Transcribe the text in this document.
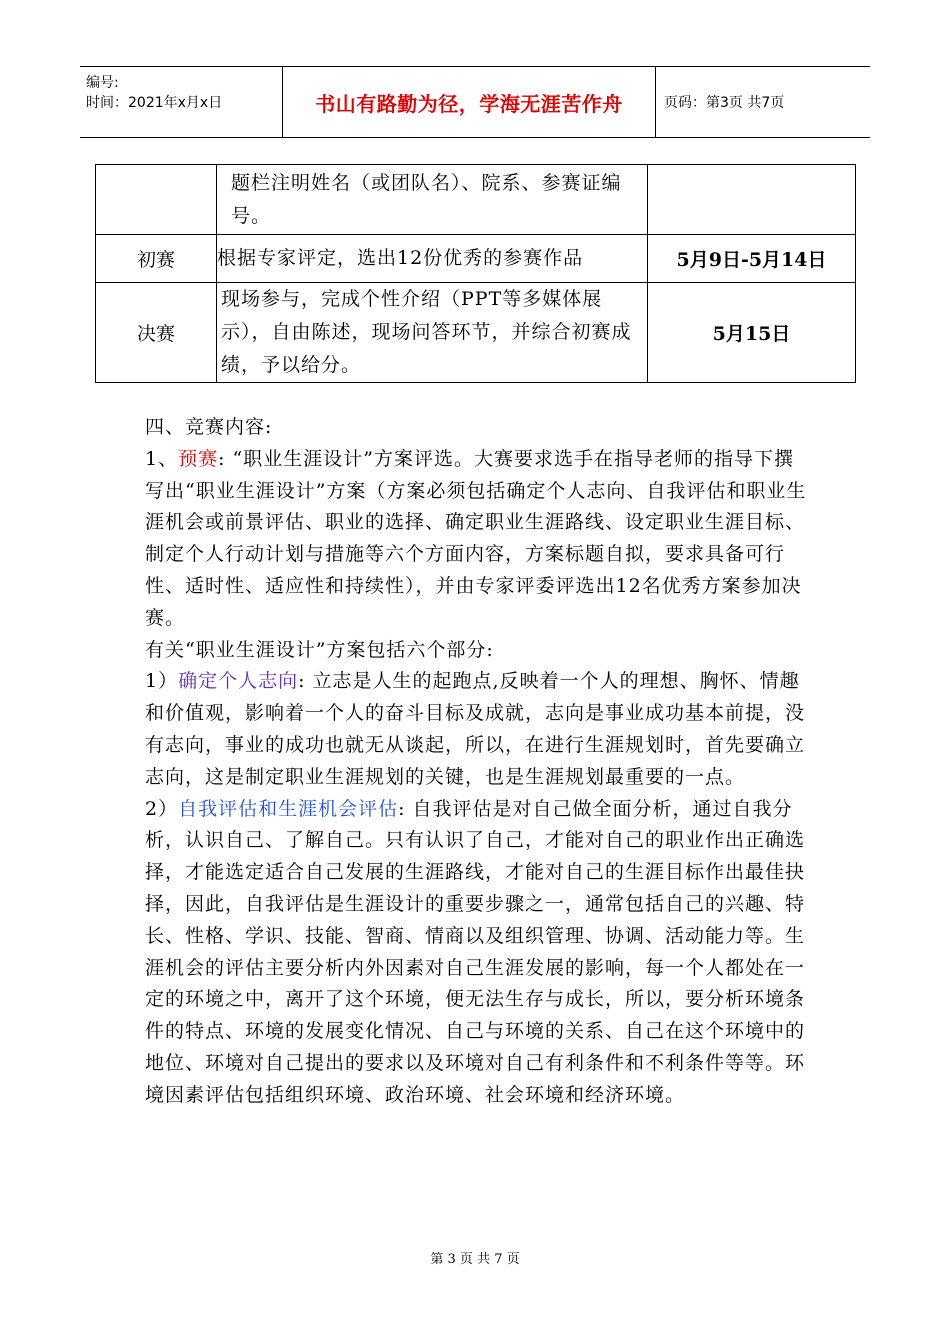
编号:
时间：2021年x月x日	书山有路勤为径，学海无涯苦作舟	页码：第3页 共7页

	题栏注明姓名（或团队名）、院系、参赛证编号。	

初赛	根据专家评定，选出12份优秀的参赛作品	5月9日-5月14日
决赛	现场参与，完成个性介绍（PPT等多媒体展示），自由陈述，现场问答环节，并综合初赛成绩，予以给分。	5月15日

四、竞赛内容:

1、预赛: “职业生涯设计”方案评选。大赛要求选手在指导老师的指导下撰写出“职业生涯设计”方案（方案必须包括确定个人志向、自我评估和职业生涯机会或前景评估、职业的选择、确定职业生涯路线、设定职业生涯目标、制定个人行动计划与措施等六个方面内容，方案标题自拟，要求具备可行性、适时性、适应性和持续性），并由专家评委评选出12名优秀方案参加决赛。

有关“职业生涯设计”方案包括六个部分:

1）确定个人志向: 立志是人生的起跑点,反映着一个人的理想、胸怀、情趣和价值观，影响着一个人的奋斗目标及成就，志向是事业成功基本前提，没有志向，事业的成功也就无从谈起，所以，在进行生涯规划时，首先要确立志向，这是制定职业生涯规划的关键，也是生涯规划最重要的一点。

2）自我评估和生涯机会评估: 自我评估是对自己做全面分析，通过自我分析，认识自己、了解自己。只有认识了自己，才能对自己的职业作出正确选择，才能选定适合自己发展的生涯路线，才能对自己的生涯目标作出最佳抉择，因此，自我评估是生涯设计的重要步骤之一，通常包括自己的兴趣、特长、性格、学识、技能、智商、情商以及组织管理、协调、活动能力等。生涯机会的评估主要分析内外因素对自己生涯发展的影响，每一个人都处在一定的环境之中，离开了这个环境，便无法生存与成长，所以，要分析环境条件的特点、环境的发展变化情况、自己与环境的关系、自己在这个环境中的地位、环境对自己提出的要求以及环境对自己有利条件和不利条件等等。环境因素评估包括组织环境、政治环境、社会环境和经济环境。

第 3 页 共 7 页
